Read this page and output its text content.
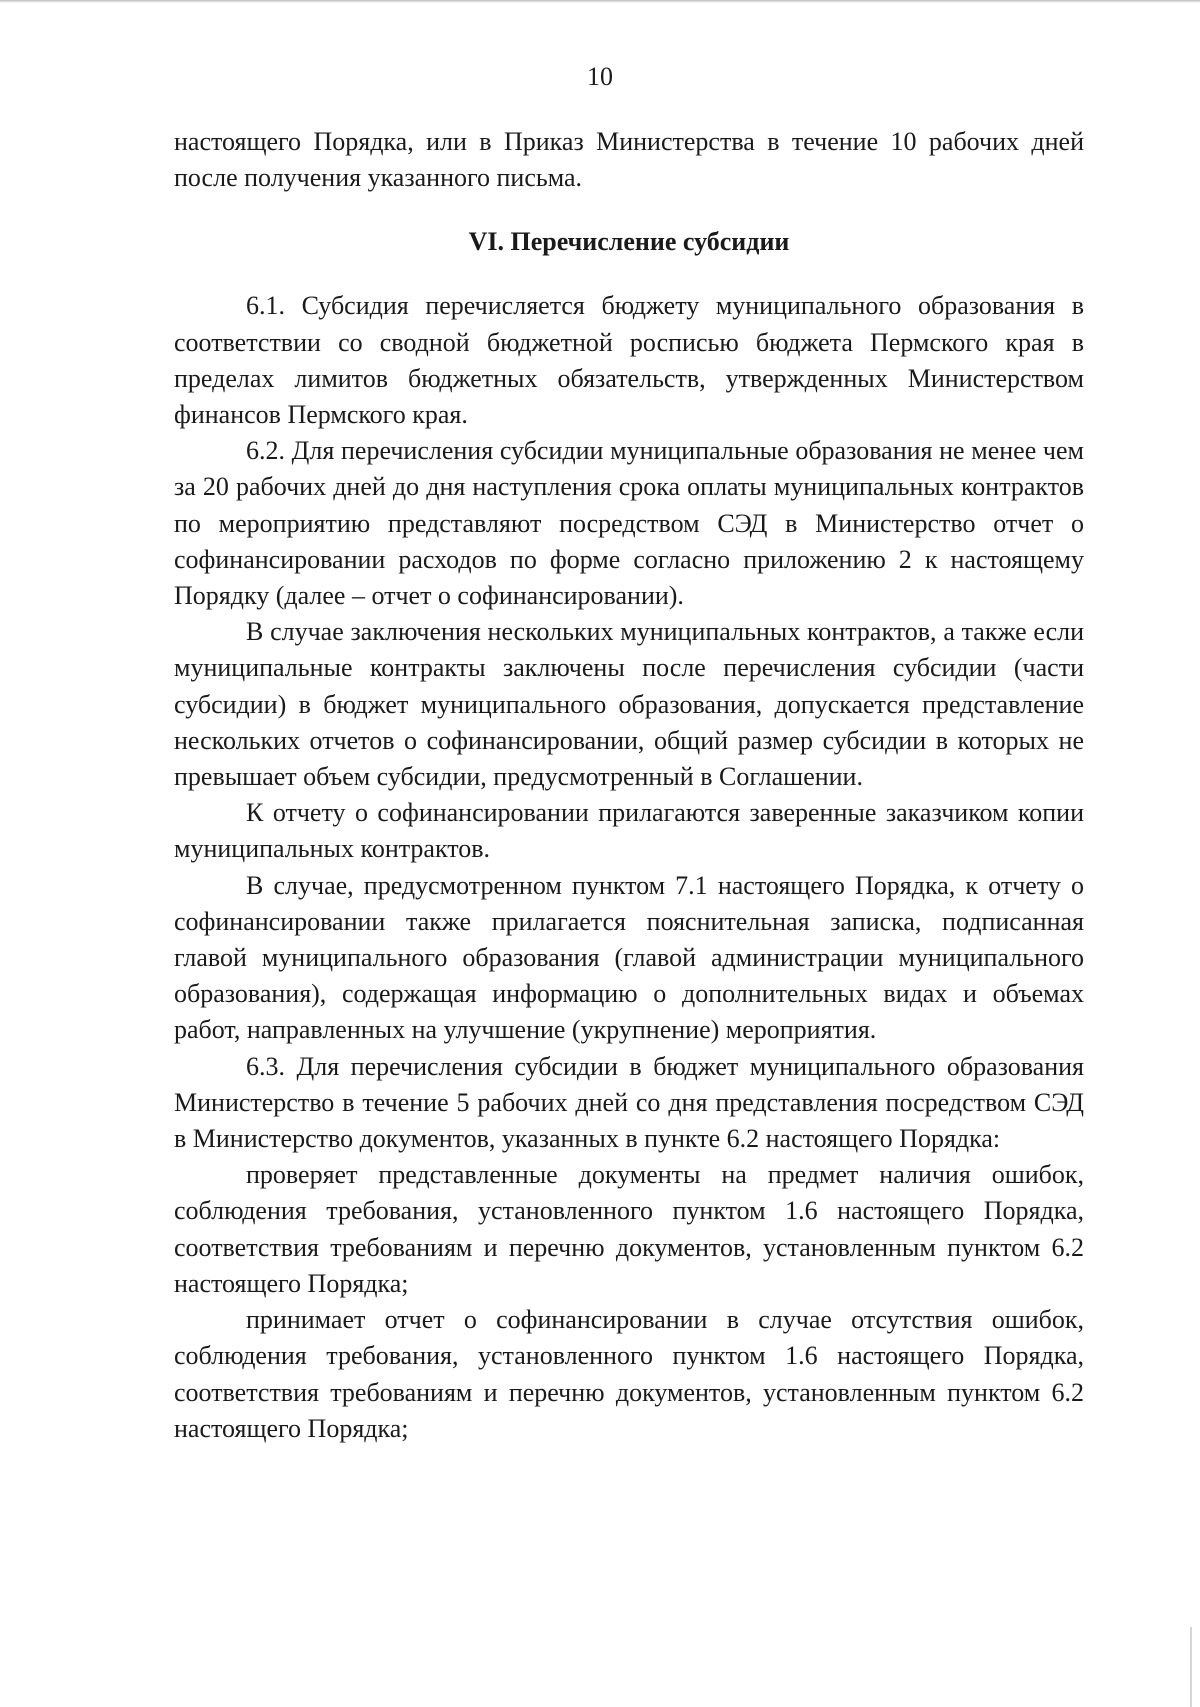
10

настоящего Порядка, или в Приказ Министерства в течение 10 рабочих дней после получения указанного письма.

VI. Перечисление субсидии

6.1. Субсидия перечисляется бюджету муниципального образования в соответствии со сводной бюджетной росписью бюджета Пермского края в пределах лимитов бюджетных обязательств, утвержденных Министерством финансов Пермского края.

6.2. Для перечисления субсидии муниципальные образования не менее чем за 20 рабочих дней до дня наступления срока оплаты муниципальных контрактов по мероприятию представляют посредством СЭД в Министерство отчет о софинансировании расходов по форме согласно приложению 2 к настоящему Порядку (далее – отчет о софинансировании).

В случае заключения нескольких муниципальных контрактов, а также если муниципальные контракты заключены после перечисления субсидии (части субсидии) в бюджет муниципального образования, допускается представление нескольких отчетов о софинансировании, общий размер субсидии в которых не превышает объем субсидии, предусмотренный в Соглашении.

К отчету о софинансировании прилагаются заверенные заказчиком копии муниципальных контрактов.

В случае, предусмотренном пунктом 7.1 настоящего Порядка, к отчету о софинансировании также прилагается пояснительная записка, подписанная главой муниципального образования (главой администрации муниципального образования), содержащая информацию о дополнительных видах и объемах работ, направленных на улучшение (укрупнение) мероприятия.

6.3. Для перечисления субсидии в бюджет муниципального образования Министерство в течение 5 рабочих дней со дня представления посредством СЭД в Министерство документов, указанных в пункте 6.2 настоящего Порядка:

проверяет представленные документы на предмет наличия ошибок, соблюдения требования, установленного пунктом 1.6 настоящего Порядка, соответствия требованиям и перечню документов, установленным пунктом 6.2 настоящего Порядка;

принимает отчет о софинансировании в случае отсутствия ошибок, соблюдения требования, установленного пунктом 1.6 настоящего Порядка, соответствия требованиям и перечню документов, установленным пунктом 6.2 настоящего Порядка;
